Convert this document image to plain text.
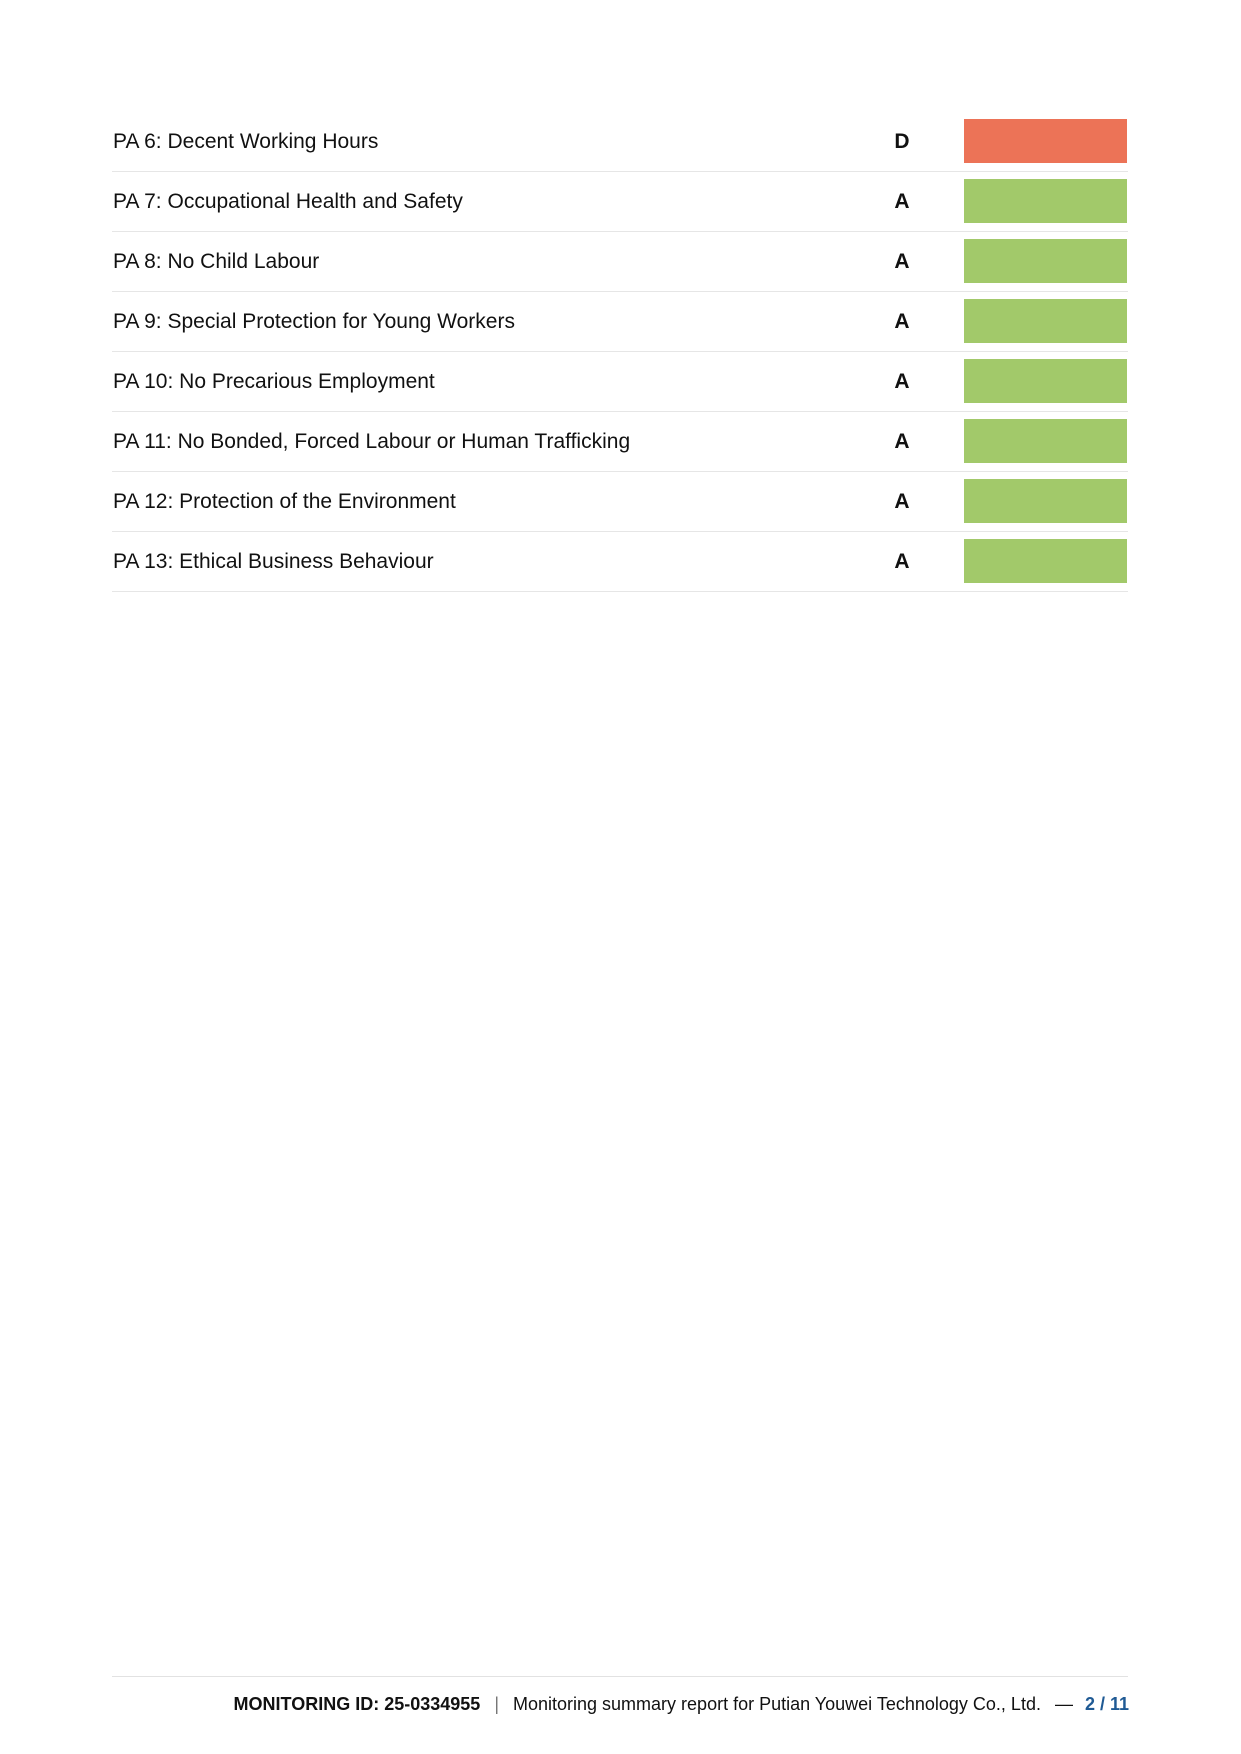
PA 6: Decent Working Hours	D
PA 7: Occupational Health and Safety	A
PA 8: No Child Labour	A
PA 9: Special Protection for Young Workers	A
PA 10: No Precarious Employment	A
PA 11: No Bonded, Forced Labour or Human Trafficking	A
PA 12: Protection of the Environment	A
PA 13: Ethical Business Behaviour	A
MONITORING ID: 25-0334955 | Monitoring summary report for Putian Youwei Technology Co., Ltd. — 2 / 11
